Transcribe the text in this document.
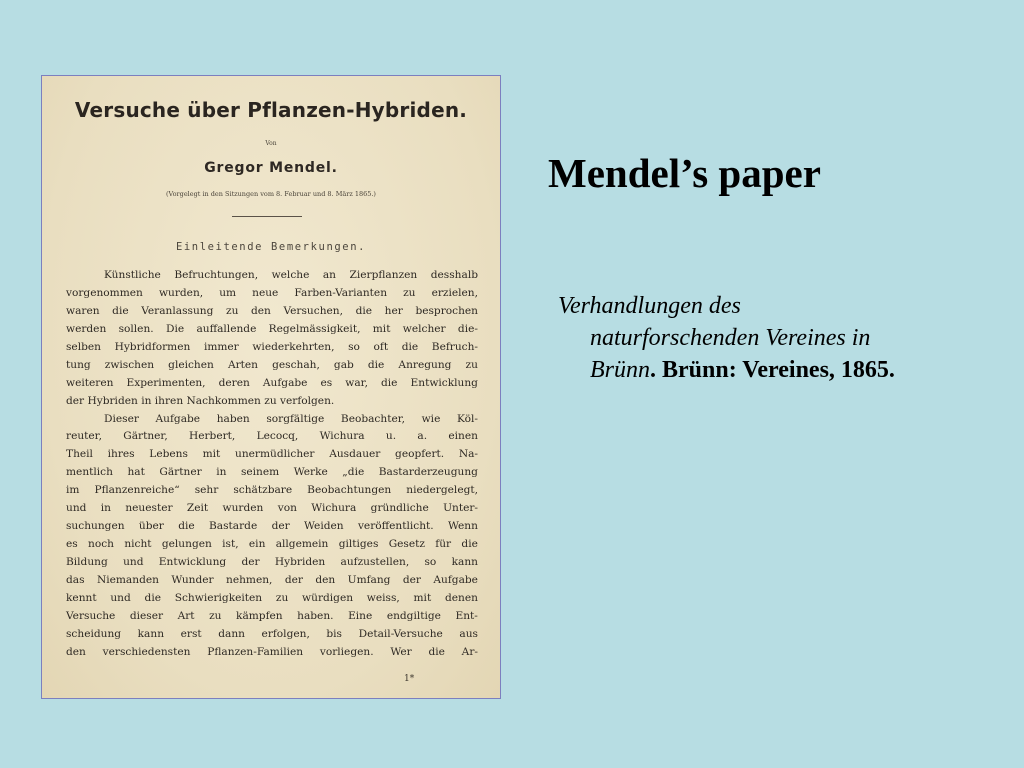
Versuche über Pflanzen-Hybriden.
Von
Gregor Mendel.
(Vorgelegt in den Sitzungen vom 8. Februar und 8. März 1865.)
Einleitende Bemerkungen.
Künstliche Befruchtungen, welche an Zierpflanzen desshalb
vorgenommen wurden, um neue Farben-Varianten zu erzielen,
waren die Veranlassung zu den Versuchen, die her besprochen
werden sollen. Die auffallende Regelmässigkeit, mit welcher die-
selben Hybridformen immer wiederkehrten, so oft die Befruch-
tung zwischen gleichen Arten geschah, gab die Anregung zu
weiteren Experimenten, deren Aufgabe es war, die Entwicklung
der Hybriden in ihren Nachkommen zu verfolgen.
Dieser Aufgabe haben sorgfältige Beobachter, wie Köl-
reuter, Gärtner, Herbert, Lecocq, Wichura u. a. einen
Theil ihres Lebens mit unermüdlicher Ausdauer geopfert. Na-
mentlich hat Gärtner in seinem Werke „die Bastarderzeugung
im Pflanzenreiche“ sehr schätzbare Beobachtungen niedergelegt,
und in neuester Zeit wurden von Wichura gründliche Unter-
suchungen über die Bastarde der Weiden veröffentlicht. Wenn
es noch nicht gelungen ist, ein allgemein giltiges Gesetz für die
Bildung und Entwicklung der Hybriden aufzustellen, so kann
das Niemanden Wunder nehmen, der den Umfang der Aufgabe
kennt und die Schwierigkeiten zu würdigen weiss, mit denen
Versuche dieser Art zu kämpfen haben. Eine endgiltige Ent-
scheidung kann erst dann erfolgen, bis Detail-Versuche aus
den verschiedensten Pflanzen-Familien vorliegen. Wer die Ar-
1*
Mendel’s paper
Verhandlungen des
naturforschenden Vereines in
Brünn. Brünn: Vereines, 1865.
